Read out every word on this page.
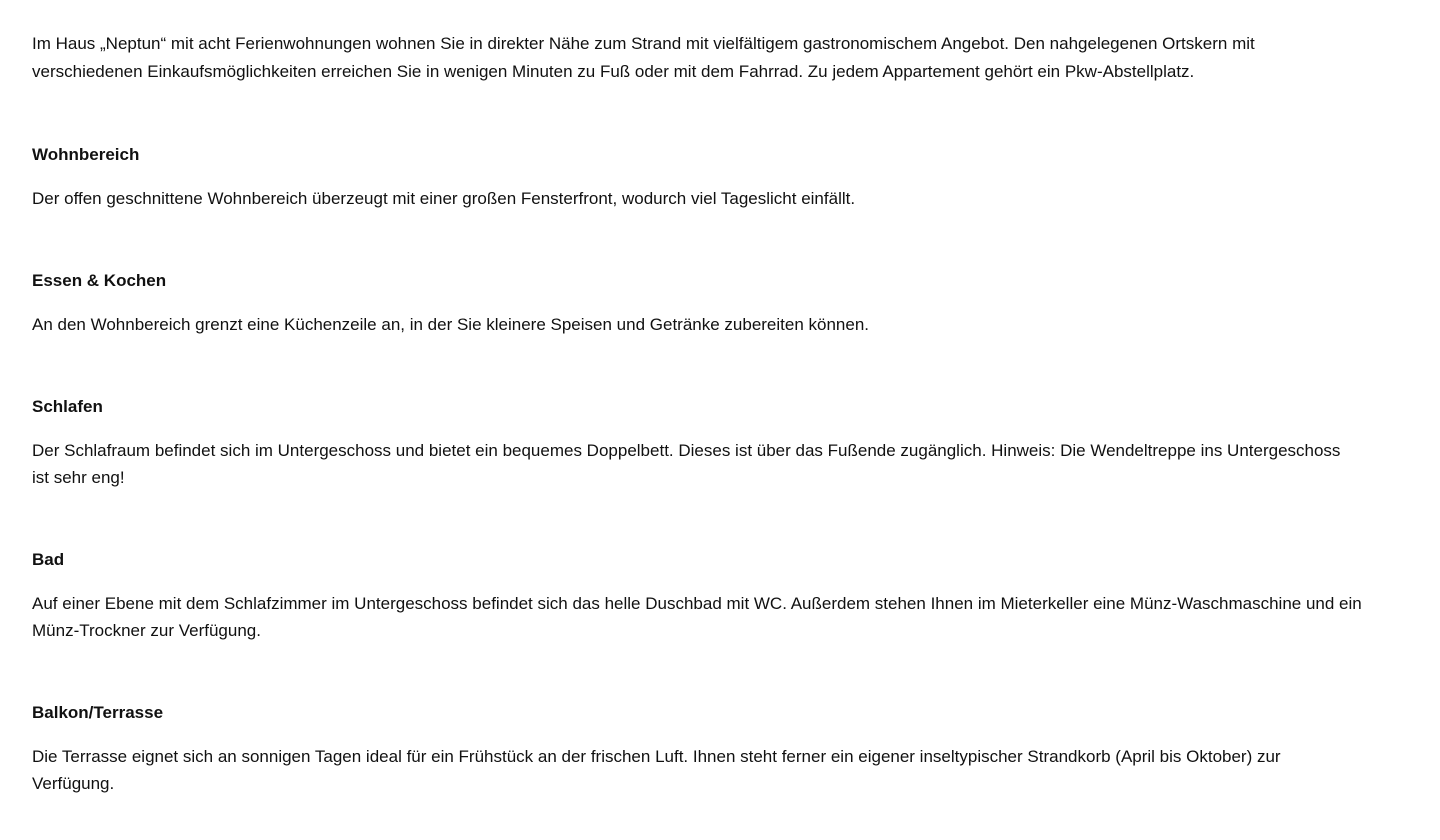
Im Haus „Neptun“ mit acht Ferienwohnungen wohnen Sie in direkter Nähe zum Strand mit vielfältigem gastronomischem Angebot. Den nahgelegenen Ortskern mit verschiedenen Einkaufsmöglichkeiten erreichen Sie in wenigen Minuten zu Fuß oder mit dem Fahrrad. Zu jedem Appartement gehört ein Pkw-Abstellplatz.

Wohnbereich

Der offen geschnittene Wohnbereich überzeugt mit einer großen Fensterfront, wodurch viel Tageslicht einfällt.

Essen & Kochen

An den Wohnbereich grenzt eine Küchenzeile an, in der Sie kleinere Speisen und Getränke zubereiten können.

Schlafen

Der Schlafraum befindet sich im Untergeschoss und bietet ein bequemes Doppelbett. Dieses ist über das Fußende zugänglich. Hinweis: Die Wendeltreppe ins Untergeschoss ist sehr eng!

Bad

Auf einer Ebene mit dem Schlafzimmer im Untergeschoss befindet sich das helle Duschbad mit WC. Außerdem stehen Ihnen im Mieterkeller eine Münz-Waschmaschine und ein Münz-Trockner zur Verfügung.

Balkon/Terrasse

Die Terrasse eignet sich an sonnigen Tagen ideal für ein Frühstück an der frischen Luft. Ihnen steht ferner ein eigener inseltypischer Strandkorb (April bis Oktober) zur Verfügung.
